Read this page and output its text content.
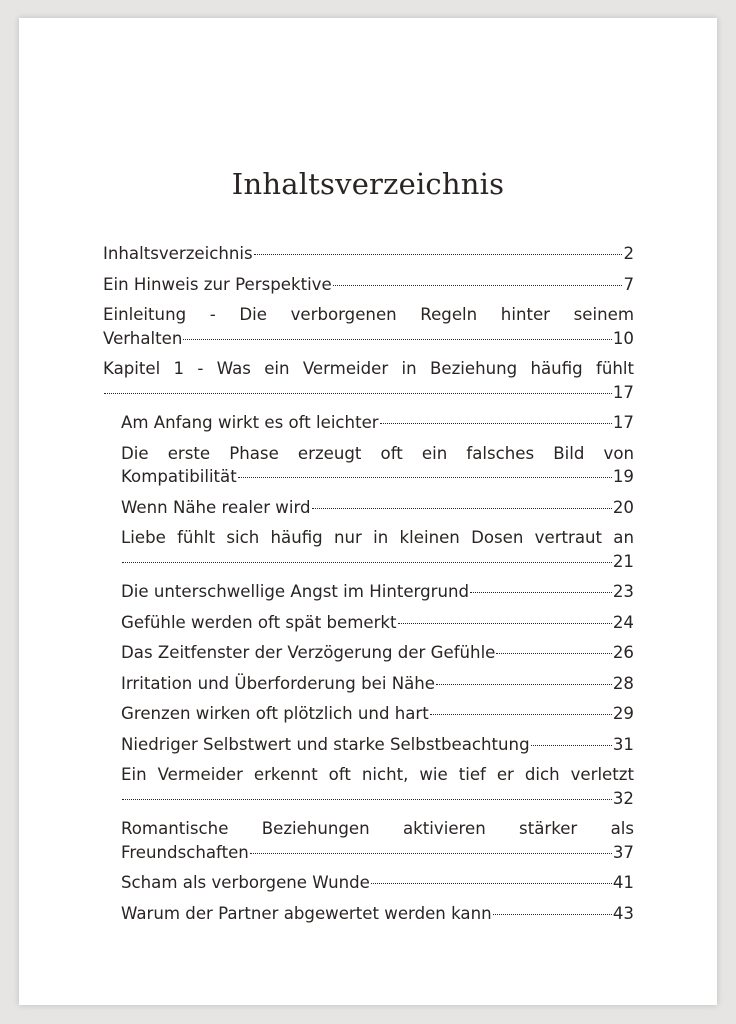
Inhaltsverzeichnis
Inhaltsverzeichnis	2
Ein Hinweis zur Perspektive	7
Einleitung - Die verborgenen Regeln hinter seinem
Verhalten	10
Kapitel 1 - Was ein Vermeider in Beziehung häufig fühlt
17
Am Anfang wirkt es oft leichter	17
Die erste Phase erzeugt oft ein falsches Bild von
Kompatibilität	19
Wenn Nähe realer wird	20
Liebe fühlt sich häufig nur in kleinen Dosen vertraut an
21
Die unterschwellige Angst im Hintergrund	23
Gefühle werden oft spät bemerkt	24
Das Zeitfenster der Verzögerung der Gefühle	26
Irritation und Überforderung bei Nähe	28
Grenzen wirken oft plötzlich und hart	29
Niedriger Selbstwert und starke Selbstbeachtung	31
Ein Vermeider erkennt oft nicht, wie tief er dich verletzt
32
Romantische Beziehungen aktivieren stärker als
Freundschaften	37
Scham als verborgene Wunde	41
Warum der Partner abgewertet werden kann	43
